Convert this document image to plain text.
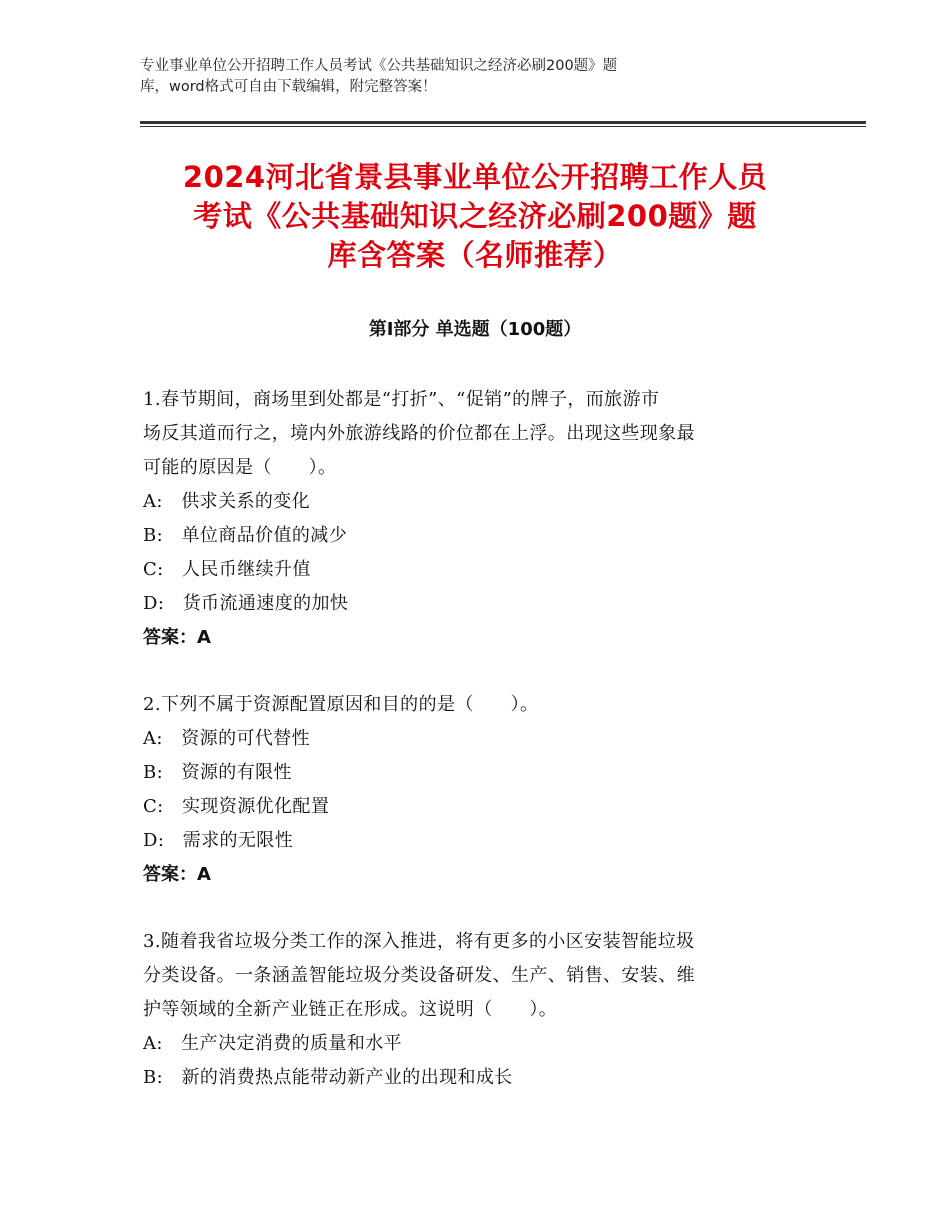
专业事业单位公开招聘工作人员考试《公共基础知识之经济必刷200题》题
库，word格式可自由下载编辑，附完整答案！
2024河北省景县事业单位公开招聘工作人员
考试《公共基础知识之经济必刷200题》题
库含答案（名师推荐）
第Ⅰ部分 单选题（100题）
1.春节期间，商场里到处都是“打折”、“促销”的牌子，而旅游市
场反其道而行之，境内外旅游线路的价位都在上浮。出现这些现象最
可能的原因是（　　）。
A:　供求关系的变化
B:　单位商品价值的减少
C:　人民币继续升值
D:　货币流通速度的加快
答案：A
2.下列不属于资源配置原因和目的的是（　　）。
A:　资源的可代替性
B:　资源的有限性
C:　实现资源优化配置
D:　需求的无限性
答案：A
3.随着我省垃圾分类工作的深入推进，将有更多的小区安装智能垃圾
分类设备。一条涵盖智能垃圾分类设备研发、生产、销售、安装、维
护等领域的全新产业链正在形成。这说明（　　）。
A:　生产决定消费的质量和水平
B:　新的消费热点能带动新产业的出现和成长
